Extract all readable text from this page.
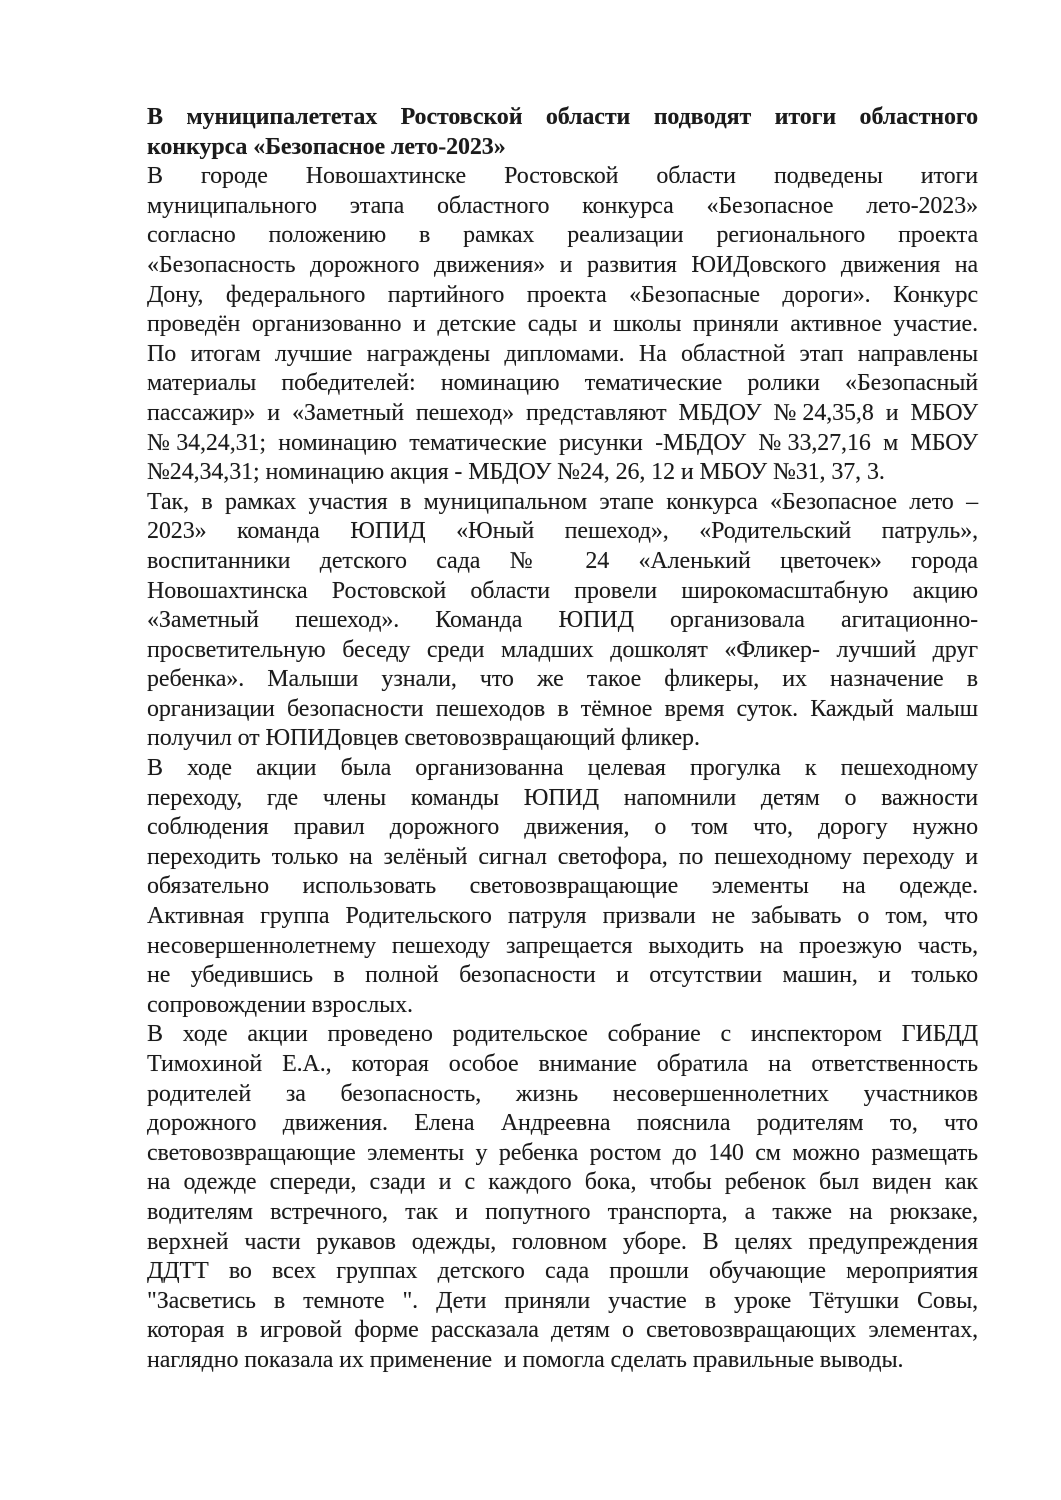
В муниципалететах Ростовской области подводят итоги областного
конкурса «Безопасное лето-2023»
В городе Новошахтинске Ростовской области подведены итоги
муниципального этапа областного конкурса «Безопасное лето-2023»
согласно положению в рамках реализации регионального проекта
«Безопасность дорожного движения» и развития ЮИДовского движения на
Дону, федерального партийного проекта «Безопасные дороги». Конкурс
проведён организованно и детские сады и школы приняли активное участие.
По итогам лучшие награждены дипломами. На областной этап направлены
материалы победителей: номинацию тематические ролики «Безопасный
пассажир» и «Заметный пешеход» представляют МБДОУ №24,35,8 и МБОУ
№34,24,31; номинацию тематические рисунки -МБДОУ №33,27,16 м МБОУ
№24,34,31; номинацию акция - МБДОУ №24, 26, 12 и МБОУ №31, 37, 3.
Так, в рамках участия в муниципальном этапе конкурса «Безопасное лето –
2023» команда ЮПИД «Юный пешеход», «Родительский патруль»,
воспитанники детского сада № 24 «Аленький цветочек» города
Новошахтинска Ростовской области провели широкомасштабную акцию
«Заметный пешеход». Команда ЮПИД организовала агитационно-
просветительную беседу среди младших дошколят «Фликер- лучший друг
ребенка». Малыши узнали, что же такое фликеры, их назначение в
организации безопасности пешеходов в тёмное время суток. Каждый малыш
получил от ЮПИДовцев световозвращающий фликер.
В ходе акции была организованна целевая прогулка к пешеходному
переходу, где члены команды ЮПИД напомнили детям о важности
соблюдения правил дорожного движения, о том что, дорогу нужно
переходить только на зелёный сигнал светофора, по пешеходному переходу и
обязательно использовать световозвращающие элементы на одежде.
Активная группа Родительского патруля призвали не забывать о том, что
несовершеннолетнему пешеходу запрещается выходить на проезжую часть,
не убедившись в полной безопасности и отсутствии машин, и только
сопровождении взрослых.
В ходе акции проведено родительское собрание с инспектором ГИБДД
Тимохиной Е.А., которая особое внимание обратила на ответственность
родителей за безопасность, жизнь несовершеннолетних участников
дорожного движения. Елена Андреевна пояснила родителям то, что
световозвращающие элементы у ребенка ростом до 140 см можно размещать
на одежде спереди, сзади и с каждого бока, чтобы ребенок был виден как
водителям встречного, так и попутного транспорта, а также на рюкзаке,
верхней части рукавов одежды, головном уборе. В целях предупреждения
ДДТТ во всех группах детского сада прошли обучающие мероприятия
"Засветись в темноте ". Дети приняли участие в уроке Тётушки Совы,
которая в игровой форме рассказала детям о световозвращающих элементах,
наглядно показала их применение  и помогла сделать правильные выводы.
